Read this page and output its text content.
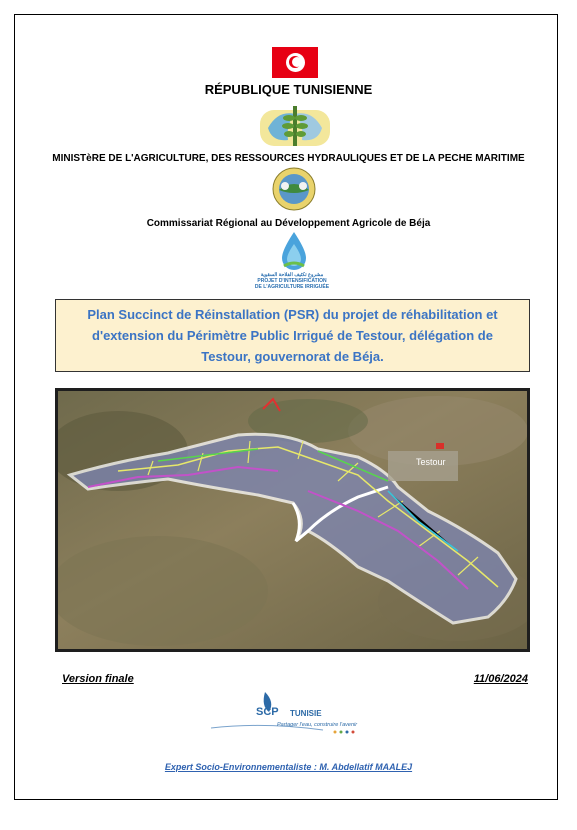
RÉPUBLIQUE TUNISIENNE
MINISTèRE DE L'AGRICULTURE, DES RESSOURCES HYDRAULIQUES ET DE LA PECHE MARITIME
Commissariat Régional au Développement Agricole de Béja
مشروع تكثيف الفلاحة السقوية
PROJET D'INTENSIFICATION
DE L'AGRICULTURE IRRIGUÉE
Plan Succinct de Réinstallation (PSR) du projet de réhabilitation et
d'extension du Périmètre Public Irrigué de Testour, délégation de
Testour, gouvernorat de Béja.
Testour
Version finale	11/06/2024
SCP TUNISIE
Partager l'eau, construire l'avenir
Expert Socio-Environnementaliste : M. Abdellatif MAALEJ
